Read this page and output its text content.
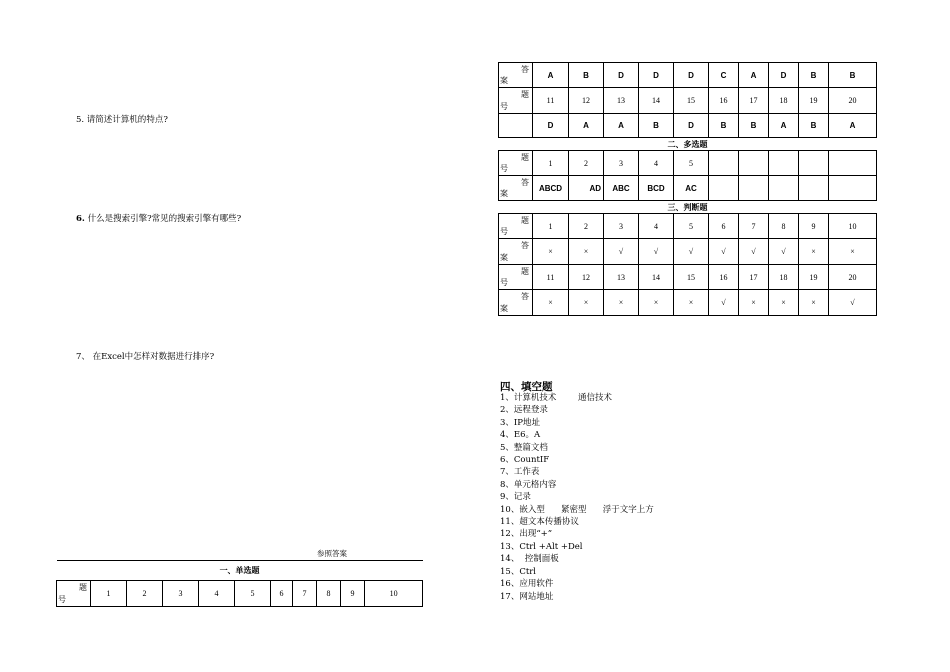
5. 请简述计算机的特点?
6. 什么是搜索引擎?常见的搜索引擎有哪些?
7、 在Excel中怎样对数据进行排序?
参照答案
一、单选题

题
号
	1	2	3	4	5	6	7	8	9	10
答
案	A	B	D	D	D	C	A	D	B	B

题
号	11	12	13	14	15	16	17	18	19	20
	D	A	A	B	D	B	B	A	B	A
二、多选题										

题
号	1	2	3	4	5					

答
案	ABCD	AD	ABC	BCD	AC					
三、判断题										

题
号	1	2	3	4	5	6	7	8	9	10

答
案	×	×	√	√	√	√	√	√	×	×

题
号	11	12	13	14	15	16	17	18	19	20

答
案	×	×	×	×	×	√	×	×	×	√
四、填空题
1、计算机技术        通信技术
2、远程登录
3、IP地址
4、E6。A
5、整篇文档
6、CountIF
7、工作表
8、单元格内容
9、记录
10、嵌入型      紧密型      浮于文字上方
11、超文本传播协议
12、出现“+”
13、Ctrl +Alt +Del
14、  控制面板
15、Ctrl
16、应用软件
17、网站地址
